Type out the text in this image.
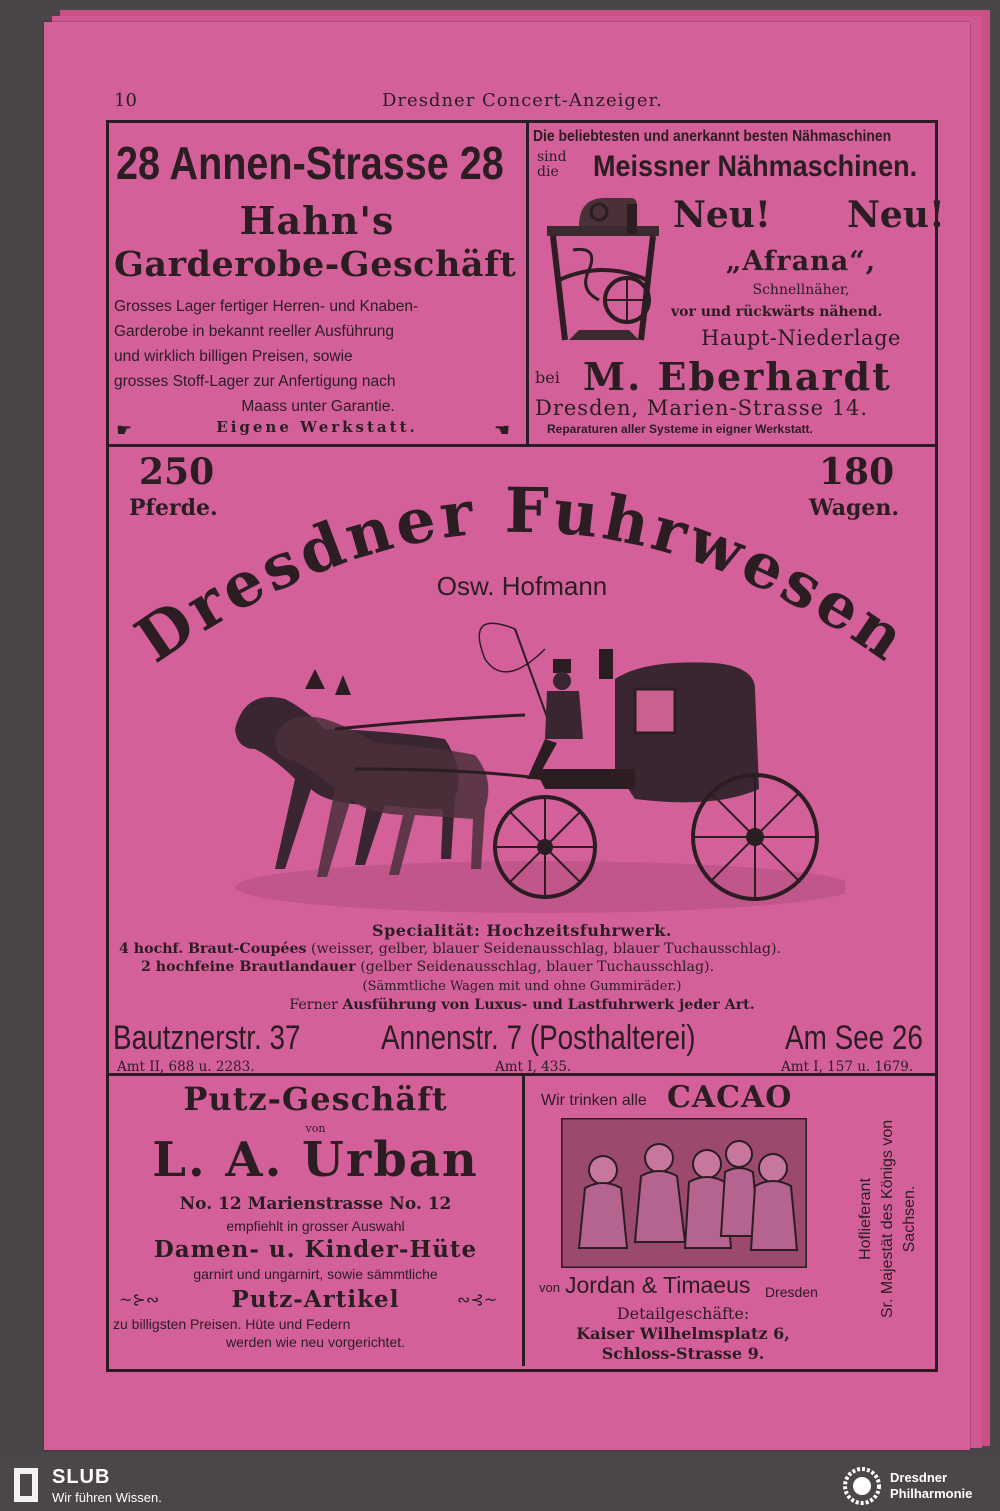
10	Dresdner Concert-Anzeiger.
28 Annen-Strasse 28
Hahn's
Garderobe-Geschäft
Grosses Lager fertiger Herren- und Knaben-
Garderobe in bekannt reeller Ausführung
und wirklich billigen Preisen, sowie
grosses Stoff-Lager zur Anfertigung nach
Maass unter Garantie.
☛	Eigene Werkstatt.	☛
Die beliebtesten und anerkannt besten Nähmaschinen
sind
die Meissner Nähmaschinen.
Neu! Neu!
„Afrana“,
Schnellnäher,
vor und rückwärts nähend.
Haupt-Niederlage
bei M. Eberhardt
Dresden, Marien-Strasse 14.
Reparaturen aller Systeme in eigner Werkstatt.
250
Pferde.
180
Wagen.
Dresdner Fuhrwesen
Osw. Hofmann
Specialität: Hochzeitsfuhrwerk.
4 hochf. Braut-Coupées (weisser, gelber, blauer Seidenausschlag, blauer Tuchausschlag).
2 hochfeine Brautlandauer (gelber Seidenausschlag, blauer Tuchausschlag).
(Sämmtliche Wagen mit und ohne Gummiräder.)
Ferner Ausführung von Luxus- und Lastfuhrwerk jeder Art.
Bautznerstr. 37
Amt II, 688 u. 2283.
Annenstr. 7 (Posthalterei)
Amt I, 435.
Am See 26
Amt I, 157 u. 1679.
Putz-Geschäft
von
L. A. Urban
No. 12 Marienstrasse No. 12
empfiehlt in grosser Auswahl
Damen- u. Kinder-Hüte
garnirt und ungarnirt, sowie sämmtliche
~⊱∾	Putz-Artikel	∾⊰~
zu billigsten Preisen. Hüte und Federn
werden wie neu vorgerichtet.
Wir trinken alle CACAO
von Jordan & Timaeus Dresden
Detailgeschäfte:
Kaiser Wilhelmsplatz 6,
Schloss-Strasse 9.
Hoflieferant Sr. Majestät des Königs von Sachsen.
SLUB
Wir führen Wissen.
Dresdner
Philharmonie
